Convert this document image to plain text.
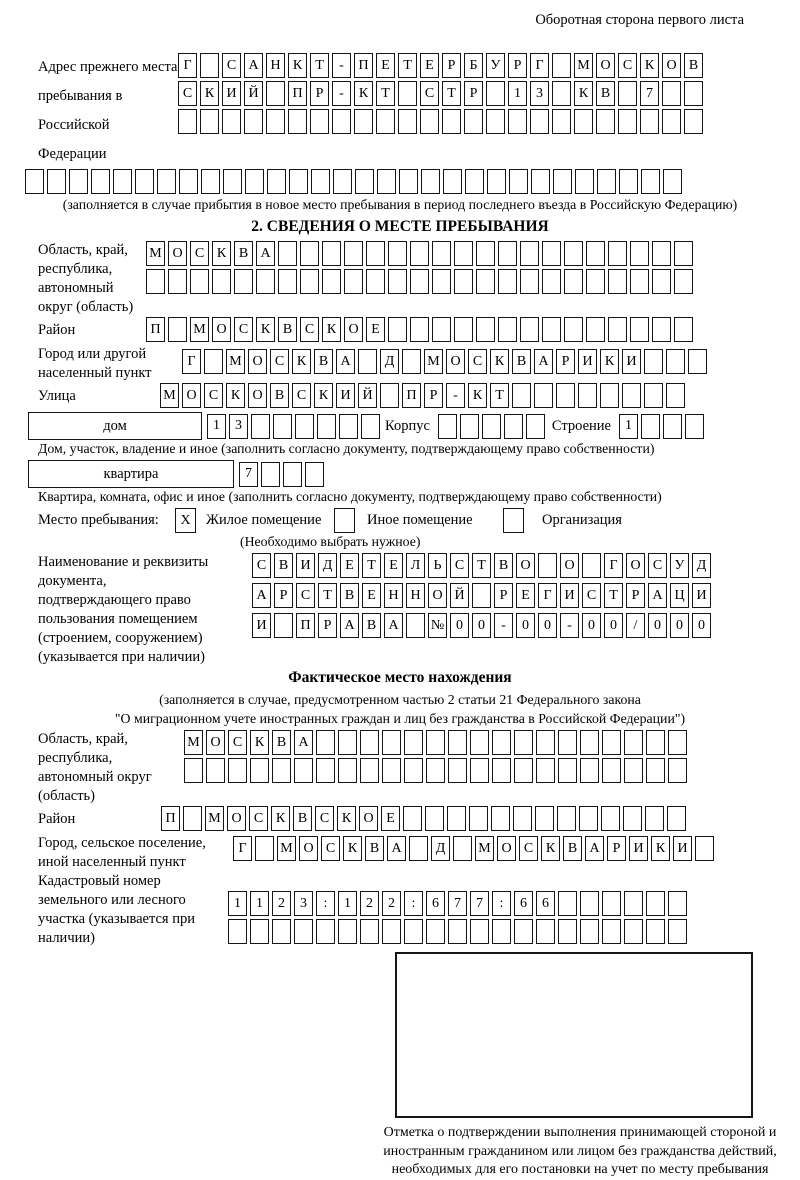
Оборотная сторона первого листа
Адрес прежнего места пребывания в Российской Федерации
Г	С А Н К Т	-	П Е Т Е Р	Б У Р	Г	М О С К О В
С К И Й	П Р	-	К Т	С Т Р	1	3	К В	7
(заполняется в случае прибытия в новое место пребывания в период последнего въезда в Российскую Федерацию)
2. СВЕДЕНИЯ О МЕСТЕ ПРЕБЫВАНИЯ
Область, край, республика, автономный округ (область)
М О С К В А
Район	П	М О С К В С К О Е
Город или другой населенный пункт
Г	М О С К В А	Д	М О С К В А Р И К И
Улица	М О С К О В С К И Й	П Р	-	К Т
дом	1	3	Корпус	Строение	1
Дом, участок, владение и иное (заполнить согласно документу, подтверждающему право собственности)
квартира	7
Квартира, комната, офис и иное (заполнить согласно документу, подтверждающему право собственности)
Место пребывания:	X	Жилое помещение	Иное помещение	Организация
(Необходимо выбрать нужное)
Наименование и реквизиты документа, подтверждающего право пользования помещением (строением, сооружением) (указывается при наличии)
С В И Д Е Т Е Л Ь С Т В О	О	Г О С У Д
А Р С Т В Е Н Н О Й	Р Е Г И С Т Р А Ц И
И	П Р А В А	№ 0	0	-	0	0	-	0	0	/	0	0	0
Фактическое место нахождения
(заполняется в случае, предусмотренном частью 2 статьи 21 Федерального закона
"О миграционном учете иностранных граждан и лиц без гражданства в Российской Федерации")
Область, край, республика, автономный округ (область)
М О С К В А
Район	П	М О С К В С К О Е
Город, сельское поселение, иной населенный пункт
Г	М О С К В А	Д	М О С К В А Р И К И
Кадастровый номер земельного или лесного участка (указывается при наличии)
1	1	2	3	:	1	2	2	:	6	7	7	:	6	6
Отметка о подтверждении выполнения принимающей стороной и иностранным гражданином или лицом без гражданства действий, необходимых для его постановки на учет по месту пребывания
